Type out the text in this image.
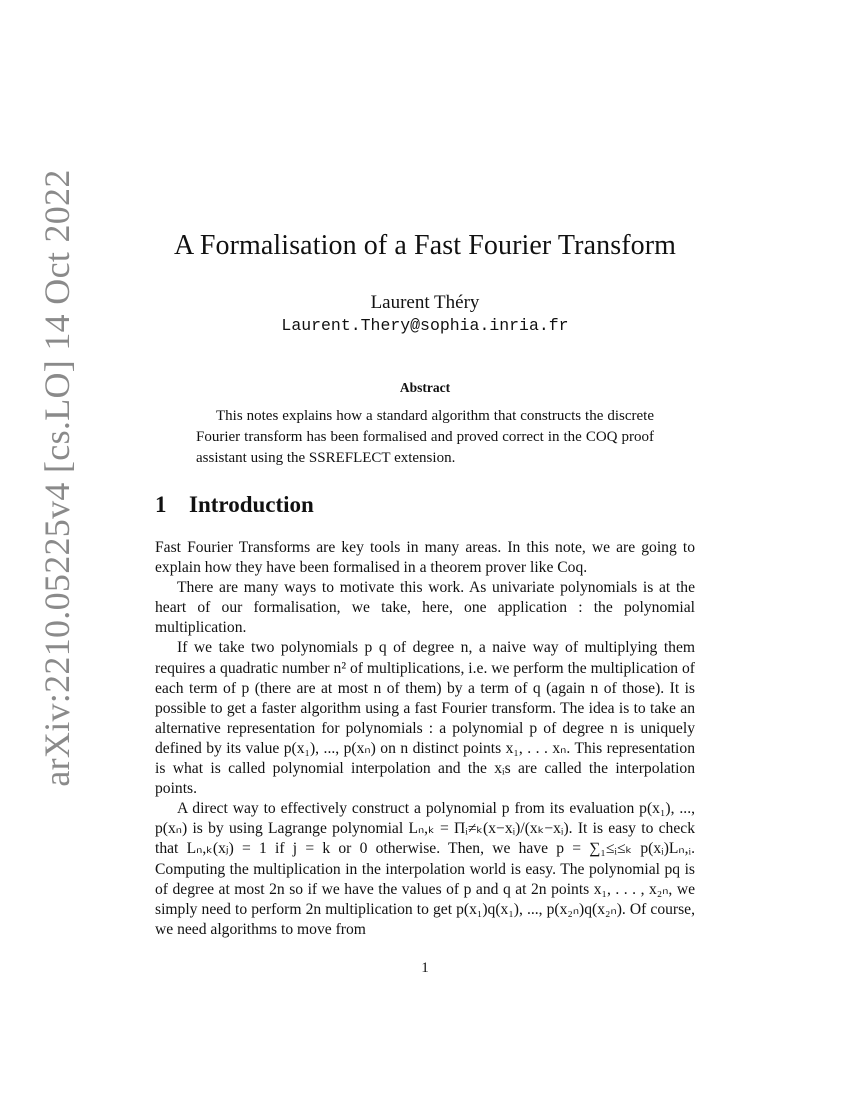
arXiv:2210.05225v4 [cs.LO] 14 Oct 2022	A Formalisation of a Fast Fourier Transform
Laurent Théry
Laurent.Thery@sophia.inria.fr
Abstract

This notes explains how a standard algorithm that constructs the discrete Fourier transform has been formalised and proved correct in the COQ proof assistant using the SSREFLECT extension.

1 Introduction

Fast Fourier Transforms are key tools in many areas. In this note, we are going to explain how they have been formalised in a theorem prover like Coq.

There are many ways to motivate this work. As univariate polynomials is at the heart of our formalisation, we take, here, one application : the polynomial multiplication.

If we take two polynomials p q of degree n, a naive way of multiplying them requires a quadratic number n² of multiplications, i.e. we perform the multiplication of each term of p (there are at most n of them) by a term of q (again n of those). It is possible to get a faster algorithm using a fast Fourier transform. The idea is to take an alternative representation for polynomials : a polynomial p of degree n is uniquely defined by its value p(x₁), ..., p(xₙ) on n distinct points x₁, . . . xₙ. This representation is what is called polynomial interpolation and the xᵢs are called the interpolation points.

A direct way to effectively construct a polynomial p from its evaluation p(x₁), ..., p(xₙ) is by using Lagrange polynomial Lₙ,ₖ = Πᵢ≠ₖ(x−xᵢ)/(xₖ−xᵢ). It is easy to check that Lₙ,ₖ(xⱼ) = 1 if j = k or 0 otherwise. Then, we have p = ∑₁≤ᵢ≤ₖ p(xᵢ)Lₙ,ᵢ. Computing the multiplication in the interpolation world is easy. The polynomial pq is of degree at most 2n so if we have the values of p and q at 2n points x₁, . . . , x₂ₙ, we simply need to perform 2n multiplication to get p(x₁)q(x₁), ..., p(x₂ₙ)q(x₂ₙ). Of course, we need algorithms to move from

1
